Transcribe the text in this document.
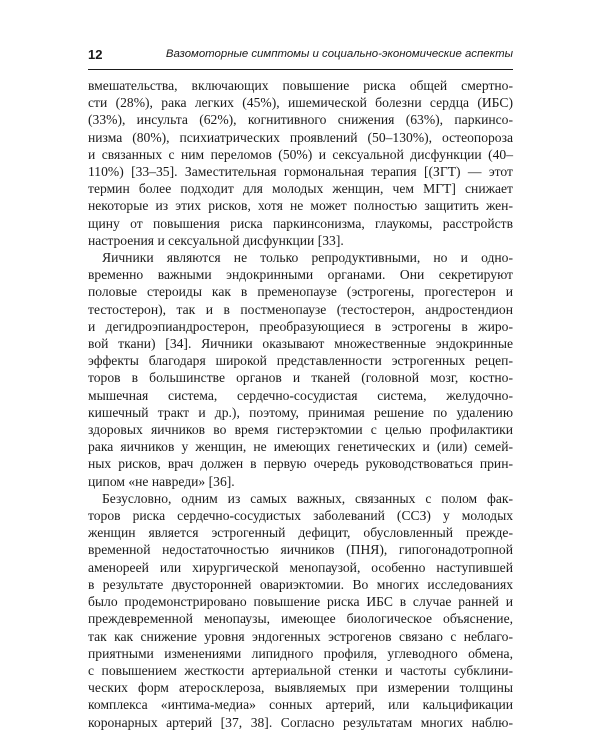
12	Вазомоторные симптомы и социально-экономические аспекты
вмешательства, включающих повышение риска общей смертно-
сти (28%), рака легких (45%), ишемической болезни сердца (ИБС)
(33%), инсульта (62%), когнитивного снижения (63%), паркинсо-
низма (80%), психиатрических проявлений (50–130%), остеопороза
и связанных с ним переломов (50%) и сексуальной дисфункции (40–
110%) [33–35]. Заместительная гормональная терапия [(ЗГТ) — этот
термин более подходит для молодых женщин, чем МГТ] снижает
некоторые из этих рисков, хотя не может полностью защитить жен-
щину от повышения риска паркинсонизма, глаукомы, расстройств
настроения и сексуальной дисфункции [33].
Яичники являются не только репродуктивными, но и одно-
временно важными эндокринными органами. Они секретируют
половые стероиды как в пременопаузе (эстрогены, прогестерон и
тестостерон), так и в постменопаузе (тестостерон, андростендион
и дегидроэпиандростерон, преобразующиеся в эстрогены в жиро-
вой ткани) [34]. Яичники оказывают множественные эндокринные
эффекты благодаря широкой представленности эстрогенных рецеп-
торов в большинстве органов и тканей (головной мозг, костно-
мышечная система, сердечно-сосудистая система, желудочно-
кишечный тракт и др.), поэтому, принимая решение по удалению
здоровых яичников во время гистерэктомии с целью профилактики
рака яичников у женщин, не имеющих генетических и (или) семей-
ных рисков, врач должен в первую очередь руководствоваться прин-
ципом «не навреди» [36].
Безусловно, одним из самых важных, связанных с полом фак-
торов риска сердечно-сосудистых заболеваний (ССЗ) у молодых
женщин является эстрогенный дефицит, обусловленный прежде-
временной недостаточностью яичников (ПНЯ), гипогонадотропной
аменореей или хирургической менопаузой, особенно наступившей
в результате двусторонней овариэктомии. Во многих исследованиях
было продемонстрировано повышение риска ИБС в случае ранней и
преждевременной менопаузы, имеющее биологическое объяснение,
так как снижение уровня эндогенных эстрогенов связано с неблаго-
приятными изменениями липидного профиля, углеводного обмена,
с повышением жесткости артериальной стенки и частоты субклини-
ческих форм атеросклероза, выявляемых при измерении толщины
комплекса «интима-медиа» сонных артерий, или кальцификации
коронарных артерий [37, 38]. Согласно результатам многих наблю-
